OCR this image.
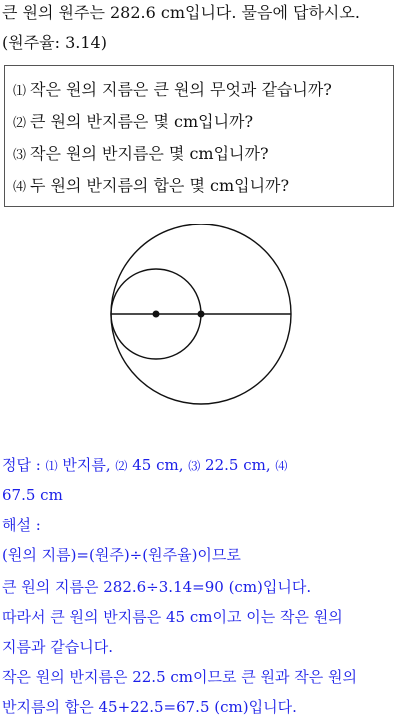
큰 원의 원주는 282.6 cm입니다. 물음에 답하시오.
(원주율: 3.14)
⑴ 작은 원의 지름은 큰 원의 무엇과 같습니까?
⑵ 큰 원의 반지름은 몇 cm입니까?
⑶ 작은 원의 반지름은 몇 cm입니까?
⑷ 두 원의 반지름의 합은 몇 cm입니까?
정답 : ⑴ 반지름, ⑵ 45 cm, ⑶ 22.5 cm, ⑷
67.5 cm
해설 :
(원의 지름)=(원주)÷(원주율)이므로
큰 원의 지름은 282.6÷3.14=90 (cm)입니다.
따라서 큰 원의 반지름은 45 cm이고 이는 작은 원의
지름과 같습니다.
작은 원의 반지름은 22.5 cm이므로 큰 원과 작은 원의
반지름의 합은 45+22.5=67.5 (cm)입니다.
